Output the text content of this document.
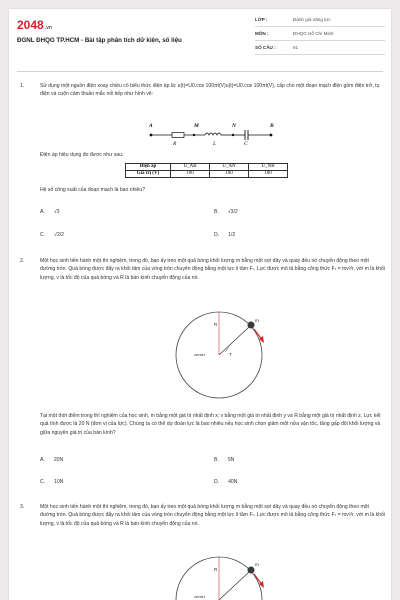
2048.vn
ĐGNL ĐHQG TP.HCM - Bài tập phân tích dữ kiện, số liệu
LỚP :	Đánh giá năng lực
MÔN :	ĐHQG Hồ Chí Minh
SỐ CÂU :	91
1.	Sử dụng một nguồn điện xoay chiều có biểu thức điện áp là: u(t)=U0.cos 100πt(V)u(t)=U0.cos 100πt(V), cấp cho một đoạn mạch điện gồm điện trở, tụ điện và cuộn cảm thuần mắc nối tiếp như hình vẽ:
A	M	N	B
R	L	C
Điện áp hiệu dụng đo được như sau:
Điện áp	U_AB	U_AN	U_NB
Giá trị (V)	100	100	100
Hệ số công suất của đoạn mạch là bao nhiêu?
A. √3	B. √3/2
C. √2/2	D. 1/2
2.	Một học sinh tiến hành một thí nghiệm, trong đó, bạn ấy treo một quả bóng khối lượng m bằng một sợi dây và quay đều nó chuyển động theo một đường tròn. Quả bóng được đẩy ra khỏi tâm của vòng tròn chuyển động bằng một lực li tâm Fₜ. Lực được mô tả bằng công thức Fₜ = mv²/r, với m là khối lượng, v là tốc độ của quả bóng và R là bán kính chuyển động của nó.
center
R
T
m
Tại một thời điểm trong thí nghiệm của học sinh, m bằng một giá trị nhất định x; v bằng một giá trị nhất định y và R bằng một giá trị nhất định z. Lực kết quả tính được là 20 N (đơn vị của lực). Chúng ta có thể dự đoán lực là bao nhiêu nếu học sinh chọn giảm một nửa vận tốc, tăng gấp đôi khối lượng và giữa nguyên giá trị của bán kính?
A. 20N	B. 5N
C. 10N	D. 40N
3.	Một học sinh tiến hành một thí nghiệm, trong đó, bạn ấy treo một quả bóng khối lượng m bằng một sợi dây và quay đều nó chuyển động theo một đường tròn. Quả bóng được đẩy ra khỏi tâm của vòng tròn chuyển động bằng một lực li tâm Fₜ. Lực được mô tả bằng công thức Fₜ = mv²/r, với m là khối lượng, v là tốc độ của quả bóng và R là bán kính chuyển động của nó.
center
R
m
